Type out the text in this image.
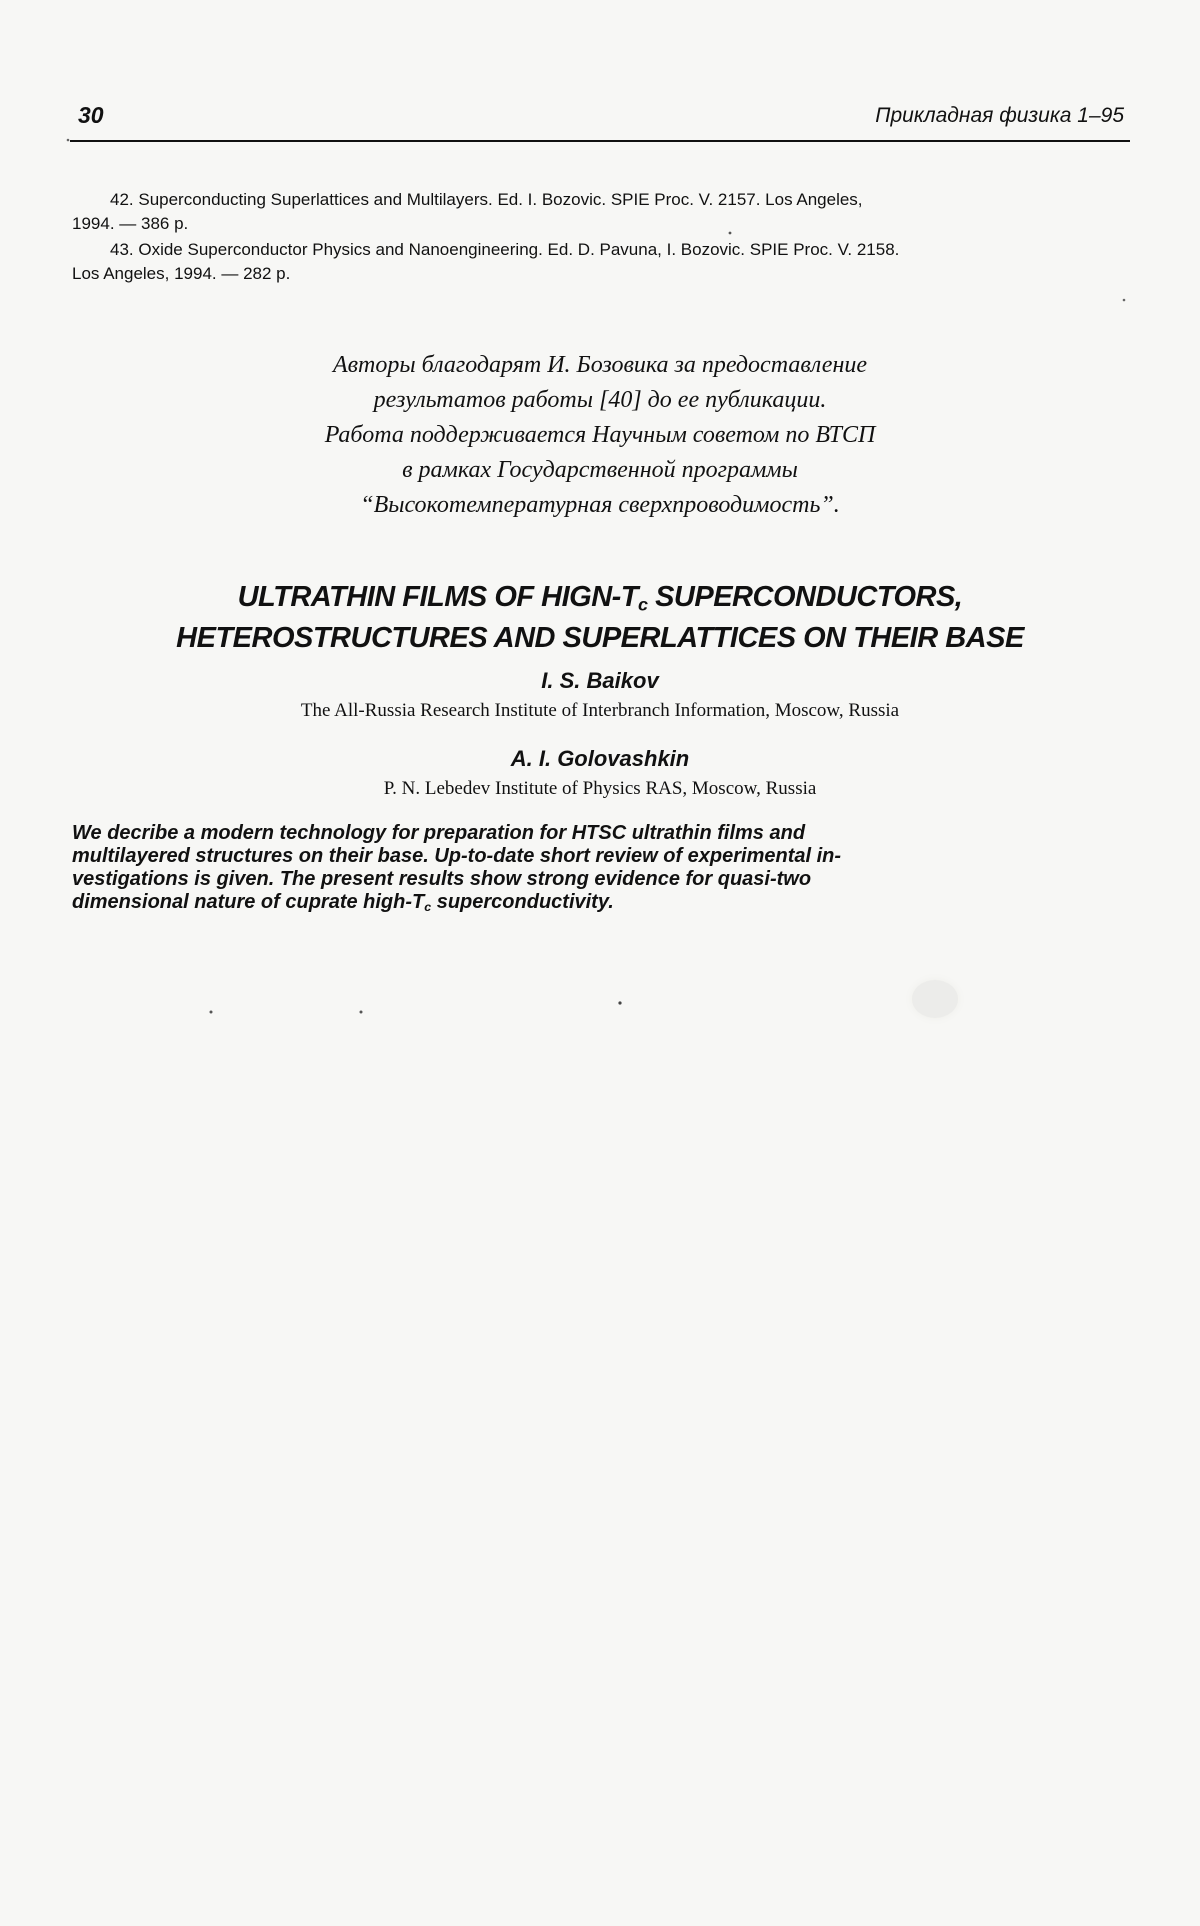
30	Прикладная физика 1–95

42. Superconducting Superlattices and Multilayers. Ed. I. Bozovic. SPIE Proc. V. 2157. Los Angeles,
1994. — 386 p.

43. Oxide Superconductor Physics and Nanoengineering. Ed. D. Pavuna, I. Bozovic. SPIE Proc. V. 2158.
Los Angeles, 1994. — 282 p.

Авторы благодарят И. Бозовика за предоставление
результатов работы [40] до ее публикации.
Работа поддерживается Научным советом по ВТСП
в рамках Государственной программы
“Высокотемпературная сверхпроводимость”.
ULTRATHIN FILMS OF HIGN-$T_c$ SUPERCONDUCTORS,
HETEROSTRUCTURES AND SUPERLATTICES ON THEIR BASE
I. S. Baikov
The All-Russia Research Institute of Interbranch Information, Moscow, Russia
A. I. Golovashkin
P. N. Lebedev Institute of Physics RAS, Moscow, Russia
We decribe a modern technology for preparation for HTSC ultrathin films and
multilayered structures on their base. Up-to-date short review of experimental in-
vestigations is given. The present results show strong evidence for quasi-two
dimensional nature of cuprate high-$T_c$ superconductivity.
